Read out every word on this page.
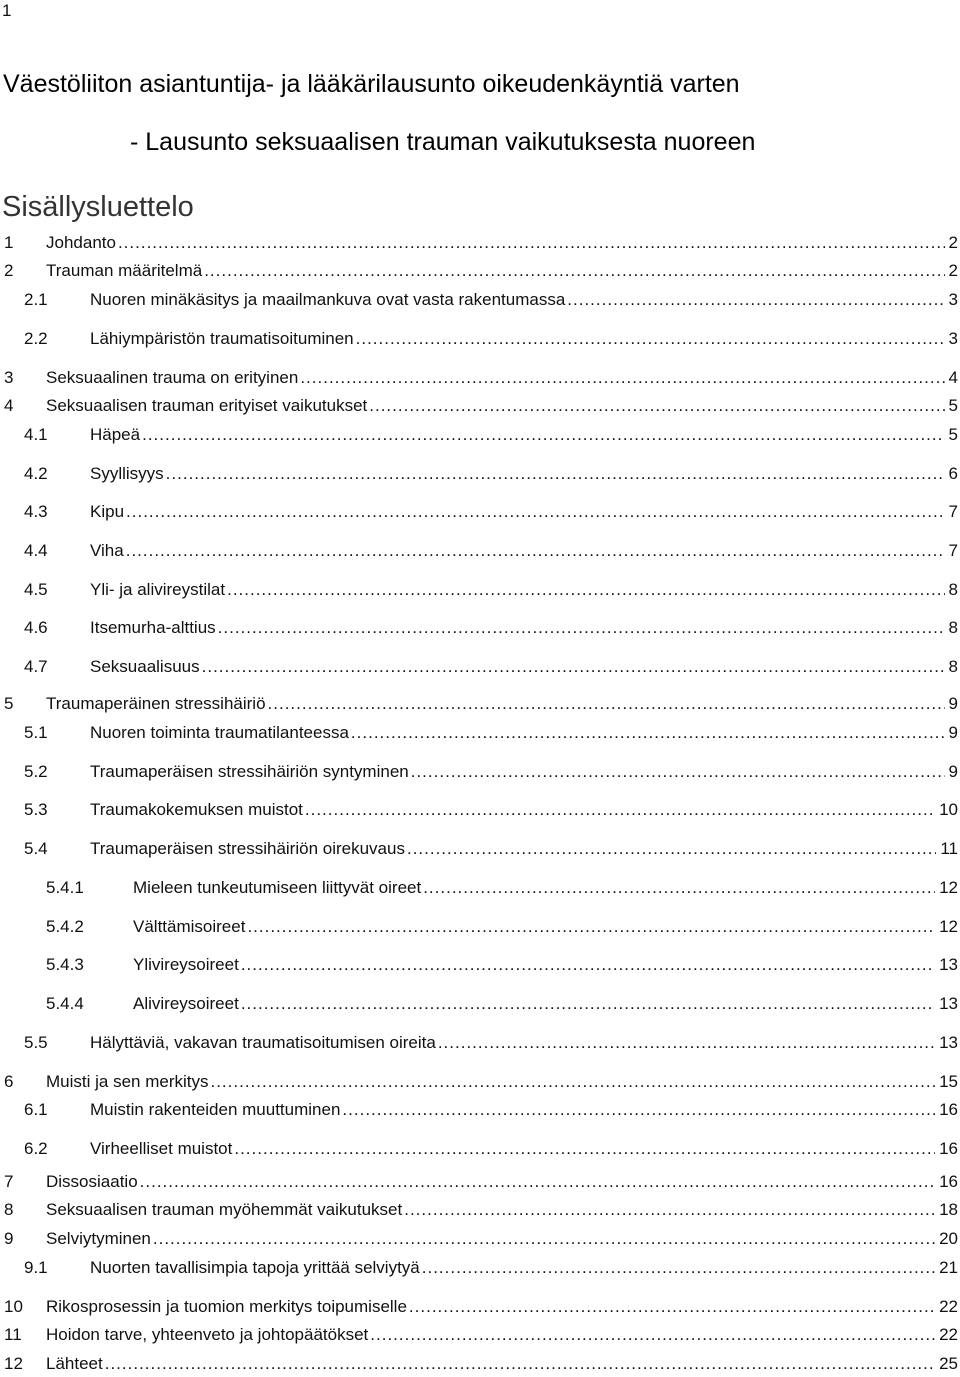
1
Väestöliiton asiantuntija- ja lääkärilausunto oikeudenkäyntiä varten
- Lausunto seksuaalisen trauman vaikutuksesta nuoreen
Sisällysluettelo
1 Johdanto .....	2
2 Trauman määritelmä .....	2
2.1 Nuoren minäkäsitys ja maailmankuva ovat vasta rakentumassa .....	3
2.2 Lähiympäristön traumatisoituminen .....	3
3 Seksuaalinen trauma on erityinen .....	4
4 Seksuaalisen trauman erityiset vaikutukset .....	5
4.1 Häpeä .....	5
4.2 Syyllisyys .....	6
4.3 Kipu .....	7
4.4 Viha .....	7
4.5 Yli- ja alivireystilat .....	8
4.6 Itsemurha-alttius .....	8
4.7 Seksuaalisuus .....	8
5 Traumaperäinen stressihäiriö .....	9
5.1 Nuoren toiminta traumatilanteessa .....	9
5.2 Traumaperäisen stressihäiriön syntyminen .....	9
5.3 Traumakokemuksen muistot .....	10
5.4 Traumaperäisen stressihäiriön oirekuvaus .....	11
5.4.1	Mieleen tunkeutumiseen liittyvät oireet .....	12
5.4.2	Välttämisoireet .....	12
5.4.3	Ylivireysoireet .....	13
5.4.4	Alivireysoireet .....	13
5.5 Hälyttäviä, vakavan traumatisoitumisen oireita .....	13
6 Muisti ja sen merkitys .....	15
6.1 Muistin rakenteiden muuttuminen .....	16
6.2 Virheelliset muistot .....	16
7 Dissosiaatio .....	16
8 Seksuaalisen trauman myöhemmät vaikutukset .....	18
9 Selviytyminen .....	20
9.1 Nuorten tavallisimpia tapoja yrittää selviytyä .....	21
10 Rikosprosessin ja tuomion merkitys toipumiselle .....	22
11 Hoidon tarve, yhteenveto ja johtopäätökset .....	22
12 Lähteet .....	25
